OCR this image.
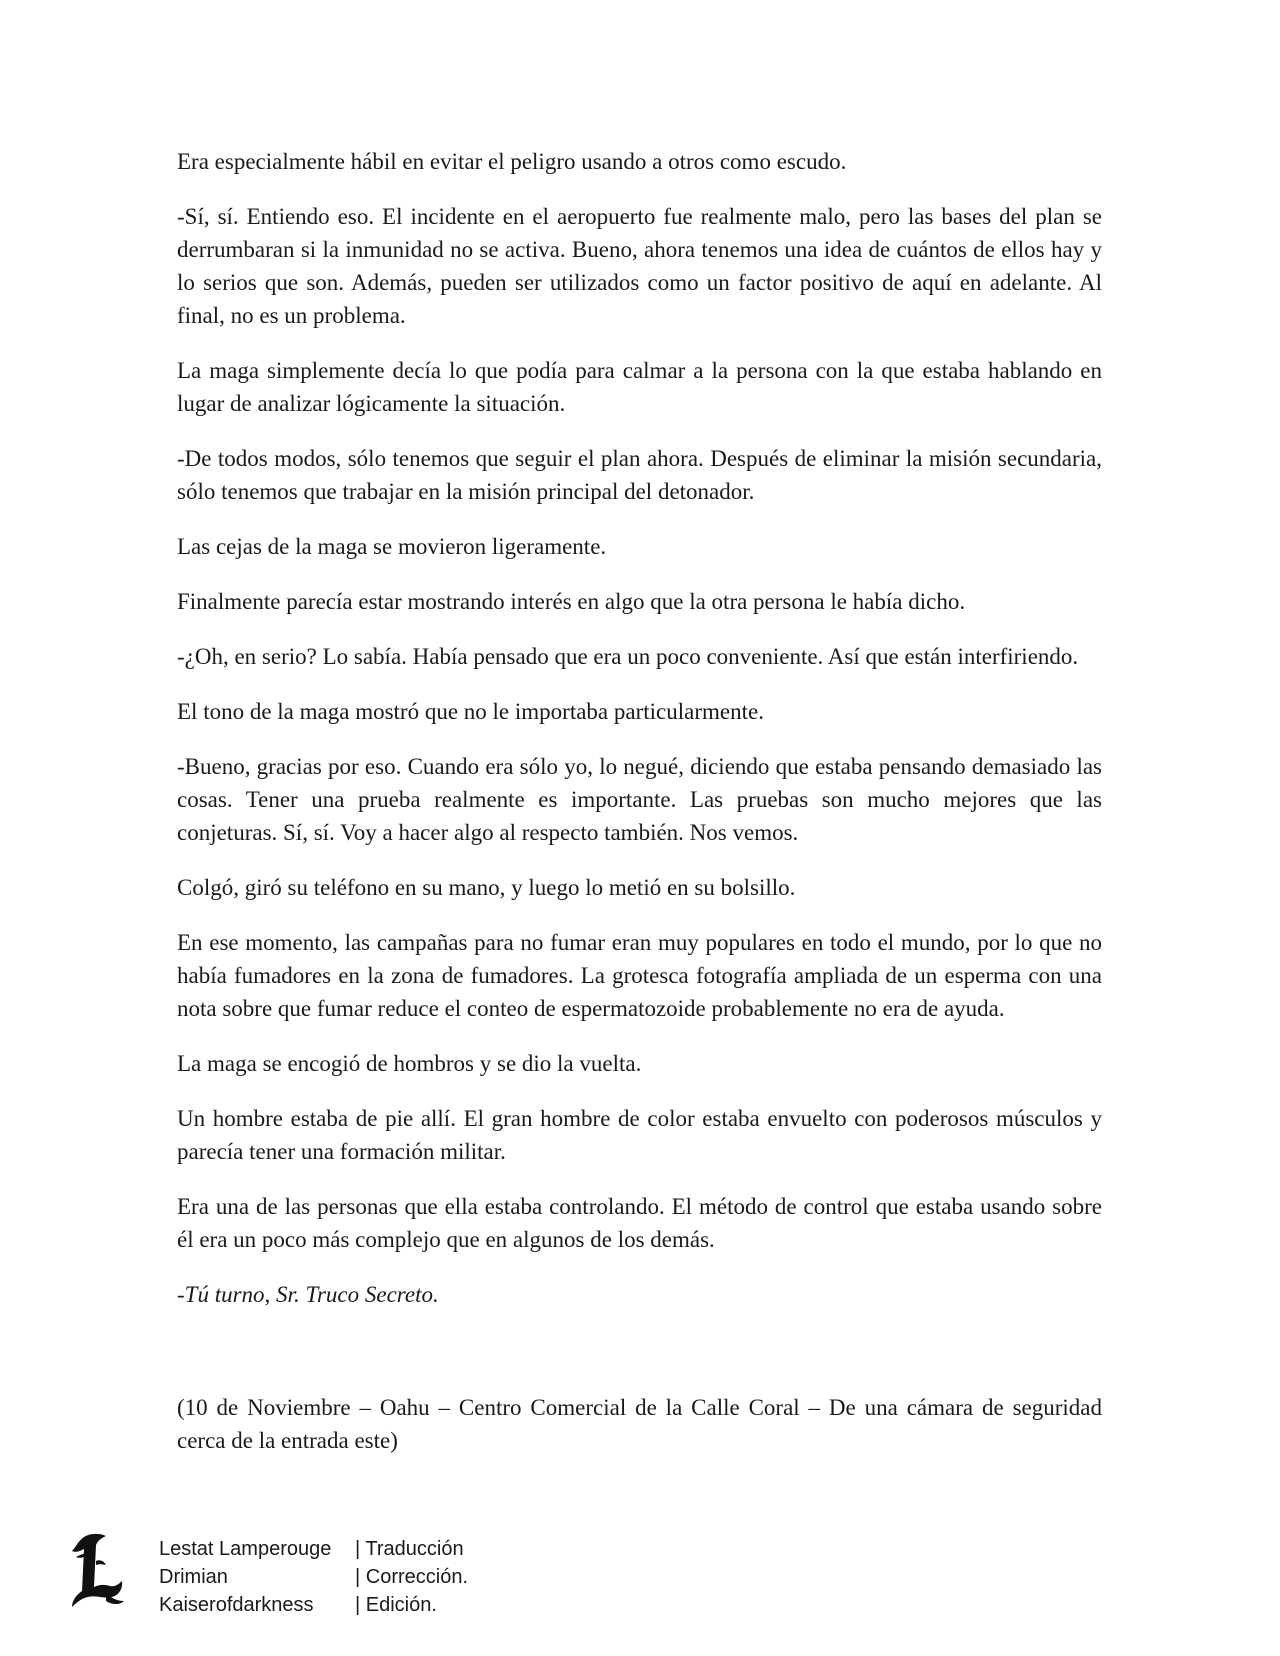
Era especialmente hábil en evitar el peligro usando a otros como escudo.

-Sí, sí. Entiendo eso. El incidente en el aeropuerto fue realmente malo, pero las bases del plan se derrumbaran si la inmunidad no se activa. Bueno, ahora tenemos una idea de cuántos de ellos hay y lo serios que son. Además, pueden ser utilizados como un factor positivo de aquí en adelante. Al final, no es un problema.

La maga simplemente decía lo que podía para calmar a la persona con la que estaba hablando en lugar de analizar lógicamente la situación.

-De todos modos, sólo tenemos que seguir el plan ahora. Después de eliminar la misión secundaria, sólo tenemos que trabajar en la misión principal del detonador.

Las cejas de la maga se movieron ligeramente.

Finalmente parecía estar mostrando interés en algo que la otra persona le había dicho.

-¿Oh, en serio? Lo sabía. Había pensado que era un poco conveniente. Así que están interfiriendo.

El tono de la maga mostró que no le importaba particularmente.

-Bueno, gracias por eso. Cuando era sólo yo, lo negué, diciendo que estaba pensando demasiado las cosas. Tener una prueba realmente es importante. Las pruebas son mucho mejores que las conjeturas. Sí, sí. Voy a hacer algo al respecto también. Nos vemos.

Colgó, giró su teléfono en su mano, y luego lo metió en su bolsillo.

En ese momento, las campañas para no fumar eran muy populares en todo el mundo, por lo que no había fumadores en la zona de fumadores. La grotesca fotografía ampliada de un esperma con una nota sobre que fumar reduce el conteo de espermatozoide probablemente no era de ayuda.

La maga se encogió de hombros y se dio la vuelta.

Un hombre estaba de pie allí. El gran hombre de color estaba envuelto con poderosos músculos y parecía tener una formación militar.

Era una de las personas que ella estaba controlando. El método de control que estaba usando sobre él era un poco más complejo que en algunos de los demás.

-Tú turno, Sr. Truco Secreto.

(10 de Noviembre – Oahu – Centro Comercial de la Calle Coral – De una cámara de seguridad cerca de la entrada este)

Lestat Lamperouge	| Traducción
Drimian	| Corrección.
Kaiserofdarkness	| Edición.
